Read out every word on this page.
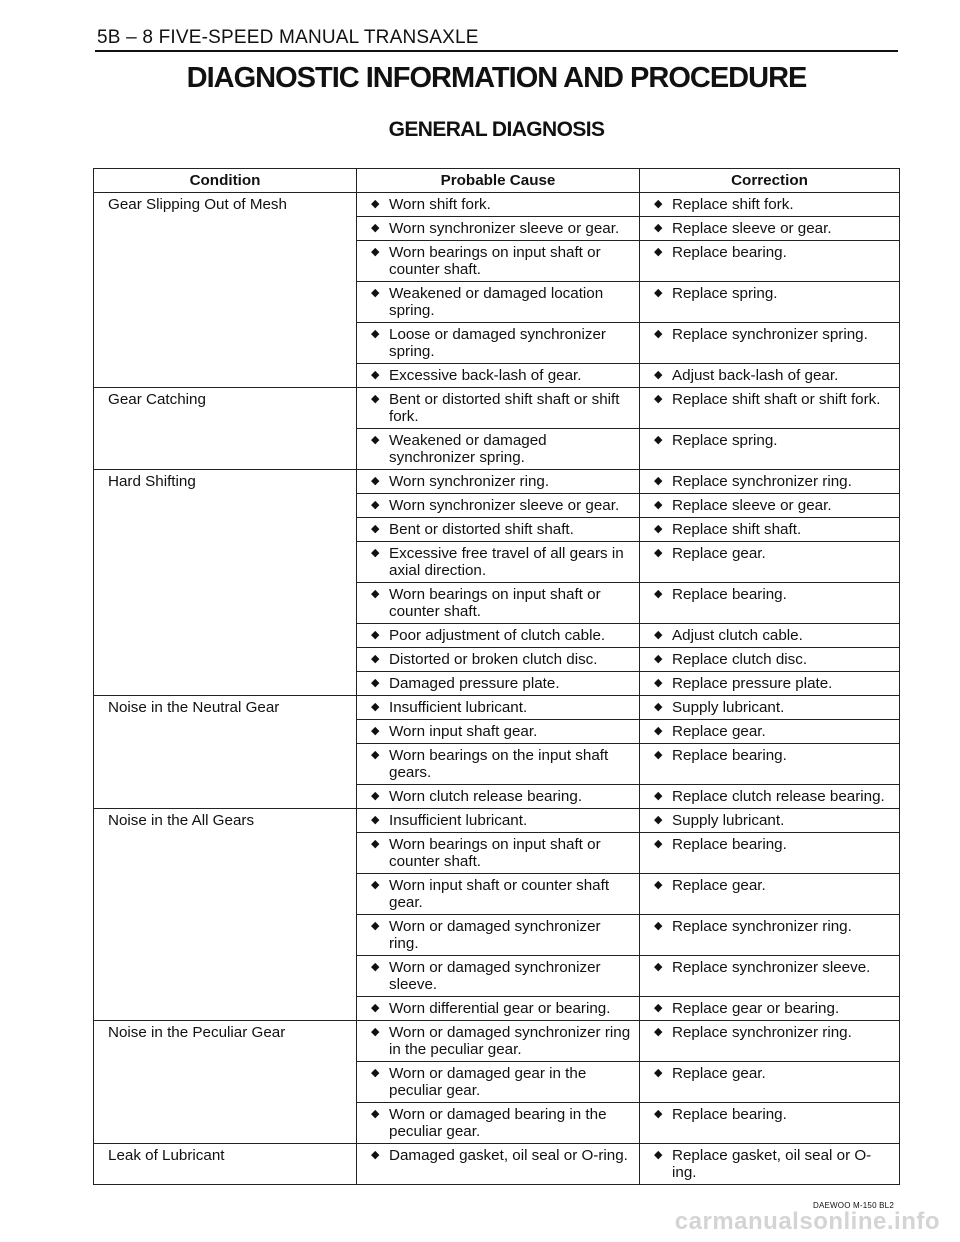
5B – 8 FIVE-SPEED MANUAL TRANSAXLE
DIAGNOSTIC INFORMATION AND PROCEDURE
GENERAL DIAGNOSIS
Condition	Probable Cause	Correction
Gear Slipping Out of Mesh	◆ Worn shift fork.	◆ Replace shift fork.

	◆ Worn synchronizer sleeve or gear.	◆ Replace sleeve or gear.

	◆ Worn bearings on input shaft or counter shaft.	◆ Replace bearing.

	◆ Weakened or damaged location spring.	◆ Replace spring.

	◆ Loose or damaged synchronizer spring.	◆ Replace synchronizer spring.

	◆ Excessive back-lash of gear.	◆ Adjust back-lash of gear.

Gear Catching	◆ Bent or distorted shift shaft or shift fork.	◆ Replace shift shaft or shift fork.

	◆ Weakened or damaged synchronizer spring.	◆ Replace spring.

Hard Shifting	◆ Worn synchronizer ring.	◆ Replace synchronizer ring.

	◆ Worn synchronizer sleeve or gear.	◆ Replace sleeve or gear.

	◆ Bent or distorted shift shaft.	◆ Replace shift shaft.

	◆ Excessive free travel of all gears in axial direction.	◆ Replace gear.

	◆ Worn bearings on input shaft or counter shaft.	◆ Replace bearing.

	◆ Poor adjustment of clutch cable.	◆ Adjust clutch cable.

	◆ Distorted or broken clutch disc.	◆ Replace clutch disc.

	◆ Damaged pressure plate.	◆ Replace pressure plate.

Noise in the Neutral Gear	◆ Insufficient lubricant.	◆ Supply lubricant.

	◆ Worn input shaft gear.	◆ Replace gear.

	◆ Worn bearings on the input shaft gears.	◆ Replace bearing.

	◆ Worn clutch release bearing.	◆ Replace clutch release bearing.

Noise in the All Gears	◆ Insufficient lubricant.	◆ Supply lubricant.

	◆ Worn bearings on input shaft or counter shaft.	◆ Replace bearing.

	◆ Worn input shaft or counter shaft gear.	◆ Replace gear.

	◆ Worn or damaged synchronizer ring.	◆ Replace synchronizer ring.

	◆ Worn or damaged synchronizer sleeve.	◆ Replace synchronizer sleeve.

	◆ Worn differential gear or bearing.	◆ Replace gear or bearing.

Noise in the Peculiar Gear	◆ Worn or damaged synchronizer ring in the peculiar gear.	◆ Replace synchronizer ring.

	◆ Worn or damaged gear in the peculiar gear.	◆ Replace gear.

	◆ Worn or damaged bearing in the peculiar gear.	◆ Replace bearing.

Leak of Lubricant	◆ Damaged gasket, oil seal or O-ring.	◆ Replace gasket, oil seal or O-ing.
DAEWOO M-150 BL2
carmanualsonline.info
